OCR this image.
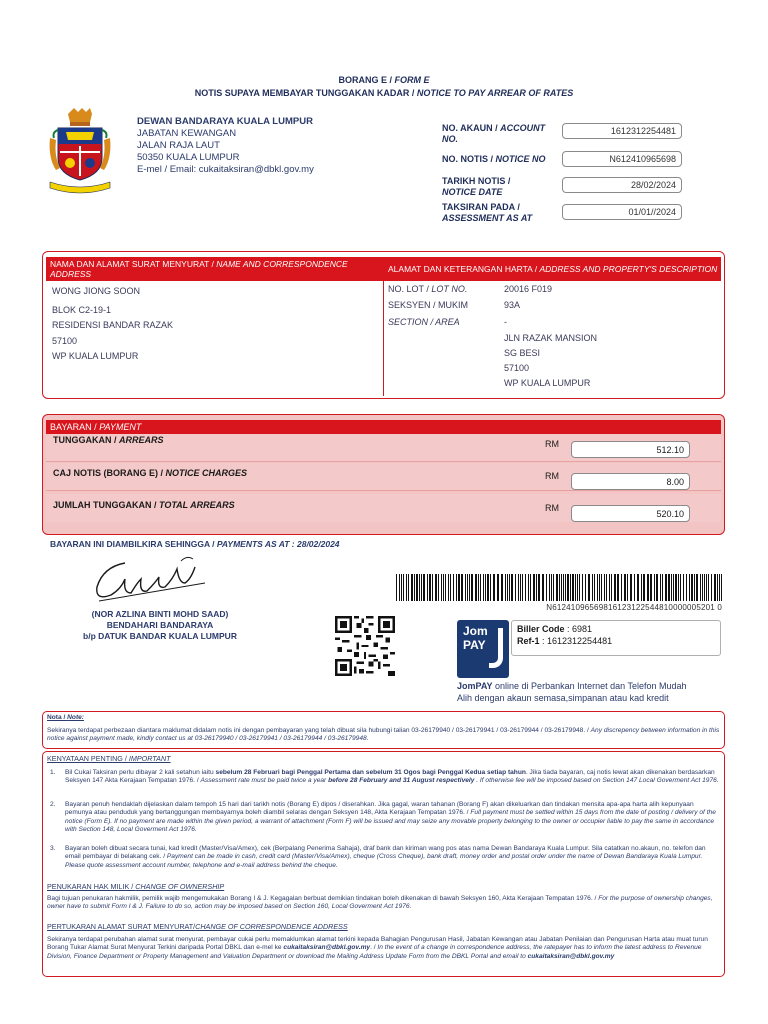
BORANG E / FORM E
NOTIS SUPAYA MEMBAYAR TUNGGAKAN KADAR / NOTICE TO PAY ARREAR OF RATES
DEWAN BANDARAYA KUALA LUMPUR
JABATAN KEWANGAN
JALAN RAJA LAUT
50350 KUALA LUMPUR
E-mel / Email: cukaitaksiran@dbkl.gov.my
NO. AKAUN / ACCOUNT
NO.
1612312254481
NO. NOTIS / NOTICE NO	N612410965698
TARIKH NOTIS /
NOTICE DATE
28/02/2024
TAKSIRAN PADA /
ASSESSMENT AS AT
01/01//2024
NAMA DAN ALAMAT SURAT MENYURAT / NAME AND CORRESPONDENCE
ADDRESS	ALAMAT DAN KETERANGAN HARTA / ADDRESS AND PROPERTY'S DESCRIPTION
WONG JIONG SOON
BLOK C2-19-1
RESIDENSI BANDAR RAZAK
57100
WP KUALA LUMPUR
NO. LOT / LOT NO.	20016 F019
SEKSYEN / MUKIM	93A
SECTION / AREA	-
JLN RAZAK MANSION
SG BESI
57100
WP KUALA LUMPUR
BAYARAN / PAYMENT
TUNGGAKAN / ARREARS	RM
512.10
CAJ NOTIS (BORANG E) / NOTICE CHARGES	RM
8.00
JUMLAH TUNGGAKAN / TOTAL ARREARS	RM
520.10
BAYARAN INI DIAMBILKIRA SEHINGGA / PAYMENTS AS AT : 28/02/2024
(NOR AZLINA BINTI MOHD SAAD)
BENDAHARI BANDARAYA
b/p DATUK BANDAR KUALA LUMPUR
N61241096569816123122544810000005201 0
Jom
PAY
Biller Code : 6981
Ref-1 : 1612312254481
JomPAY online di Perbankan Internet dan Telefon Mudah
Alih dengan akaun semasa,simpanan atau kad kredit
Nota / Note:
Sekiranya terdapat perbezaan diantara maklumat didalam notis ini dengan pembayaran yang telah dibuat sila hubungi talian 03-26179940 / 03-26179941 / 03-26179944 / 03-26179948. / Any discrepency between information in this notice against payment made, kindly contact us at 03-26179940 / 03-26179941 / 03-26179944 / 03-26179948.
KENYATAAN PENTING / IMPORTANT
1. Bil Cukai Taksiran perlu dibayar 2 kali setahun iaitu sebelum 28 Februari bagi Penggal Pertama dan sebelum 31 Ogos bagi Penggal Kedua setiap tahun. Jika tiada bayaran, caj notis lewat akan dikenakan berdasarkan Seksyen 147 Akta Kerajaan Tempatan 1976. / Assessment rate must be paid twice a year before 28 February and 31 August respectively . If otherwise fee will be imposed based on Section 147 Local Goverment Act 1976.
2. Bayaran penuh hendaklah dijelaskan dalam tempoh 15 hari dari tarikh notis (Borang E) dipos / diserahkan. Jika gagal, waran tahanan (Borang F) akan dikeluarkan dan tindakan mensita apa-apa harta alih kepunyaan pemunya atau penduduk yang bertanggungan membayarnya boleh diambil selaras dengan Seksyen 148, Akta Kerajaan Tempatan 1976. / Full payment must be settled within 15 days from the date of posting / delivery of the notice (Form E). If no payment are made within the given period, a warrant of attachment (Form F) will be issued and may seize any movable property belonging to the owner or occupier liable to pay the same in accordance with Section 148, Local Goverment Act 1976.
3. Bayaran boleh dibuat secara tunai, kad kredit (Master/Visa/Amex), cek (Berpalang Penerima Sahaja), draf bank dan kiriman wang pos atas nama Dewan Bandaraya Kuala Lumpur. Sila catatkan no.akaun, no. telefon dan email pembayar di belakang cek. / Payment can be made in cash, credit card (Master/Visa/Amex), cheque (Cross Cheque), bank draft, money order and postal order under the name of Dewan Bandaraya Kuala Lumpur. Please quote assessment account number, telephone and e-mail address behind the cheque.
PENUKARAN HAK MILIK / CHANGE OF OWNERSHIP
Bagi tujuan penukaran hakmilik, pemilik wajib mengemukakan Borang I & J. Kegagalan berbuat demikian tindakan boleh dikenakan di bawah Seksyen 160, Akta Kerajaan Tempatan 1976. / For the purpose of ownership changes, owner have to submit Form I & J. Failure to do so, action may be imposed based on Section 160, Local Goverment Act 1976.
PERTUKARAN ALAMAT SURAT MENYURAT/CHANGE OF CORRESPONDENCE ADDRESS
Sekiranya terdapat perubahan alamat surat menyurat, pembayar cukai perlu memaklumkan alamat terkini kepada Bahagian Pengurusan Hasil, Jabatan Kewangan atau Jabatan Penilaian dan Pengurusan Harta atau muat turun Borang Tukar Alamat Surat Menyurat Terkini daripada Portal DBKL dan e-mel ke cukaitaksiran@dbkl.gov.my. / In the event of a change in correspondence address, the ratepayer has to inform the latest address to Revenue Division, Finance Department or Property Management and Valuation Department or download the Mailing Address Update Form from the DBKL Portal and email to cukaitaksiran@dbkl.gov.my
